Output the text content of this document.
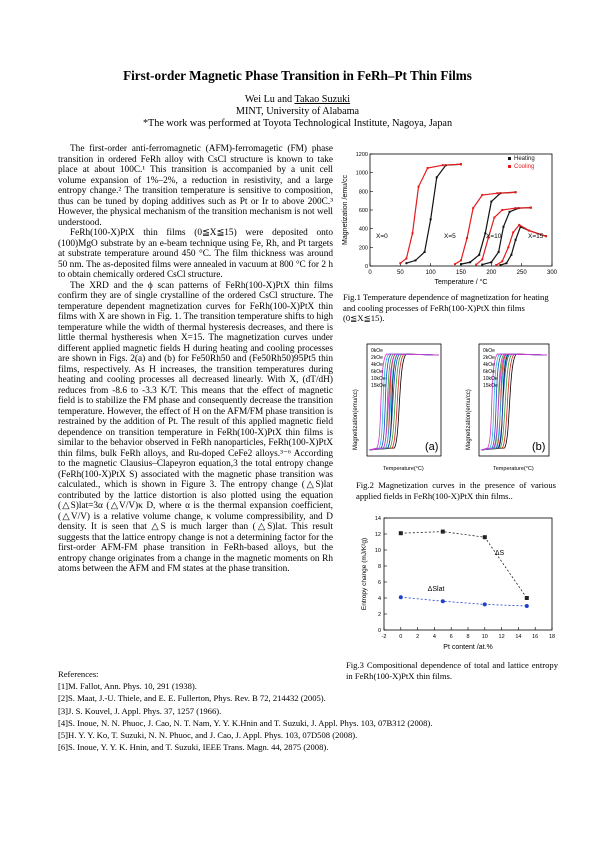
First-order Magnetic Phase Transition in FeRh–Pt Thin Films
Wei Lu and Takao Suzuki
MINT, University of Alabama
*The work was performed at Toyota Technological Institute, Nagoya, Japan

The first-order anti-ferromagnetic (AFM)-ferromagetic (FM) phase transition in ordered FeRh alloy with CsCl structure is known to take place at about 100C.¹ This transition is accompanied by a unit cell volume expansion of 1%–2%, a reduction in resistivity, and a large entropy change.² The transition temperature is sensitive to composition, thus can be tuned by doping additives such as Pt or Ir to above 200C.³ However, the physical mechanism of the transition mechanism is not well understood.

FeRh(100-X)PtX thin films (0≦X≦15) were deposited onto (100)MgO substrate by an e-beam technique using Fe, Rh, and Pt targets at substrate temperature around 450 °C. The film thickness was around 50 nm. The as-deposited films were annealed in vacuum at 800 °C for 2 h to obtain chemically ordered CsCl structure.

The XRD and the ϕ scan patterns of FeRh(100-X)PtX thin films confirm they are of single crystalline of the ordered CsCl structure. The temperature dependent magnetization curves for FeRh(100-X)PtX thin films with X are shown in Fig. 1. The transition temperature shifts to high temperature while the width of thermal hysteresis decreases, and there is little thermal hystheresis when X=15. The magnetization curves under different applied magnetic fields H during heating and cooling processes are shown in Figs. 2(a) and (b) for Fe50Rh50 and (Fe50Rh50)95Pt5 thin films, respectively. As H increases, the transition temperatures during heating and cooling processes all decreased linearly. With X, (dT/dH) reduces from -8.6 to -3.3 K/T. This means that the effect of magnetic field is to stabilize the FM phase and consequently decrease the transition temperature. However, the effect of H on the AFM/FM phase transition is restrained by the addition of Pt. The result of this applied magnetic field dependence on transition temperature in FeRh(100-X)PtX thin films is similar to the behavior observed in FeRh nanoparticles, FeRh(100-X)PtX thin films, bulk FeRh alloys, and Ru-doped CeFe2 alloys.³⁻⁶ According to the magnetic Clausius–Clapeyron equation,3 the total entropy change (FeRh(100-X)PtX S) associated with the magnetic phase transition was calculated., which is shown in Figure 3. The entropy change (△S)lat contributed by the lattice distortion is also plotted using the equation (△S)lat=3α (△V/V)κ D, where α is the thermal expansion coefficient, (△V/V) is a relative volume change, κ volume compressibility, and D density. It is seen that △S is much larger than (△S)lat. This result suggests that the lattice entropy change is not a determining factor for the first-order AFM-FM phase transition in FeRh-based alloys, but the entropy change originates from a change in the magnetic moments on Rh atoms between the AFM and FM states at the phase transition.

References:
[1]M. Fallot, Ann. Phys. 10, 291 (1938).
[2]S. Maat, J.-U. Thiele, and E. E. Fullerton, Phys. Rev. B 72, 214432 (2005).
[3]J. S. Kouvel, J. Appl. Phys. 37, 1257 (1966).
[4]S. Inoue, N. N. Phuoc, J. Cao, N. T. Nam, Y. Y. K.Hnin and T. Suzuki, J. Appl. Phys. 103, 07B312 (2008).
[5]H. Y. Y. Ko, T. Suzuki, N. N. Phuoc, and J. Cao, J. Appl. Phys. 103, 07D508 (2008).
[6]S. Inoue, Y. Y. K. Hnin, and T. Suzuki, IEEE Trans. Magn. 44, 2875 (2008).
0	50	100	150	200	250	300
0
200
400
600
800
1000
1200
Temperature / °C
Magnetization /emu/cc
Heating
Cooling
X=0	X=5	X=10	X=15
Fig.1 Temperature dependence of magnetization for heating and cooling processes of FeRh(100-X)PtX thin films (0≦X≦15).
0kOe
2kOe
4kOe
6kOe
10kOe
15kOe
0kOe
2kOe
4kOe
6kOe
10kOe
15kOe
(a)	(b)
Temperature(°C)	Temperature(°C)
Magnetization(emu/cc)	Magnetization(emu/cc)
Fig.2 Magnetization curves in the presence of various applied fields in FeRh(100-X)PtX thin films..
-2 0 2 4 6 8 10 12 14 16 18
0
2
4
6
8
10
12
14
Pt content /at.%
Entropy change (mJ/K²g)	ΔS
ΔSlat
Fig.3 Compositional dependence of total and lattice entropy in FeRh(100-X)PtX thin films.
